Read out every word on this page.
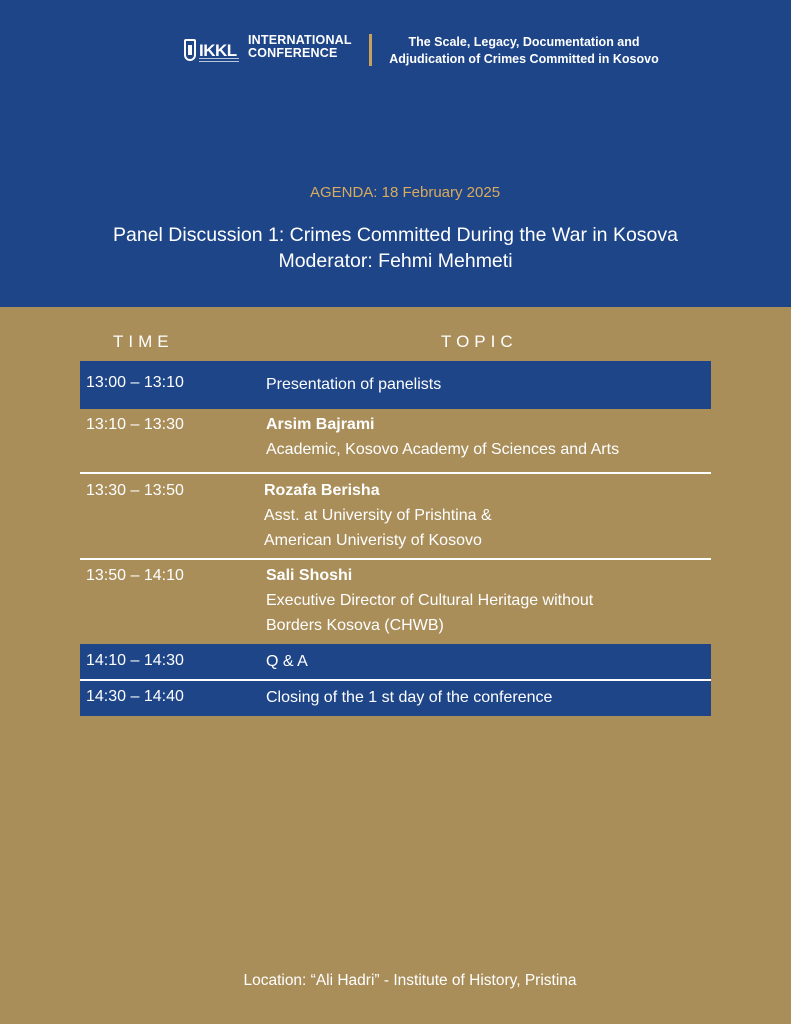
IKKL
INTERNATIONAL
CONFERENCE
The Scale, Legacy, Documentation and
Adjudication of Crimes Committed in Kosovo
AGENDA: 18 February 2025
Panel Discussion 1: Crimes Committed During the War in Kosova
Moderator: Fehmi Mehmeti
TIME	TOPIC
13:00 – 13:10	Presentation of panelists
13:10 – 13:30	Arsim Bajrami
Academic, Kosovo Academy of Sciences and Arts
13:30 – 13:50	Rozafa Berisha
Asst. at University of Prishtina &
American Univeristy of Kosovo
13:50 – 14:10	Sali Shoshi
Executive Director of Cultural Heritage without
Borders Kosova (CHWB)
14:10 – 14:30	Q & A
14:30 – 14:40	Closing of the 1 st day of the conference
Location: “Ali Hadri” - Institute of History, Pristina
